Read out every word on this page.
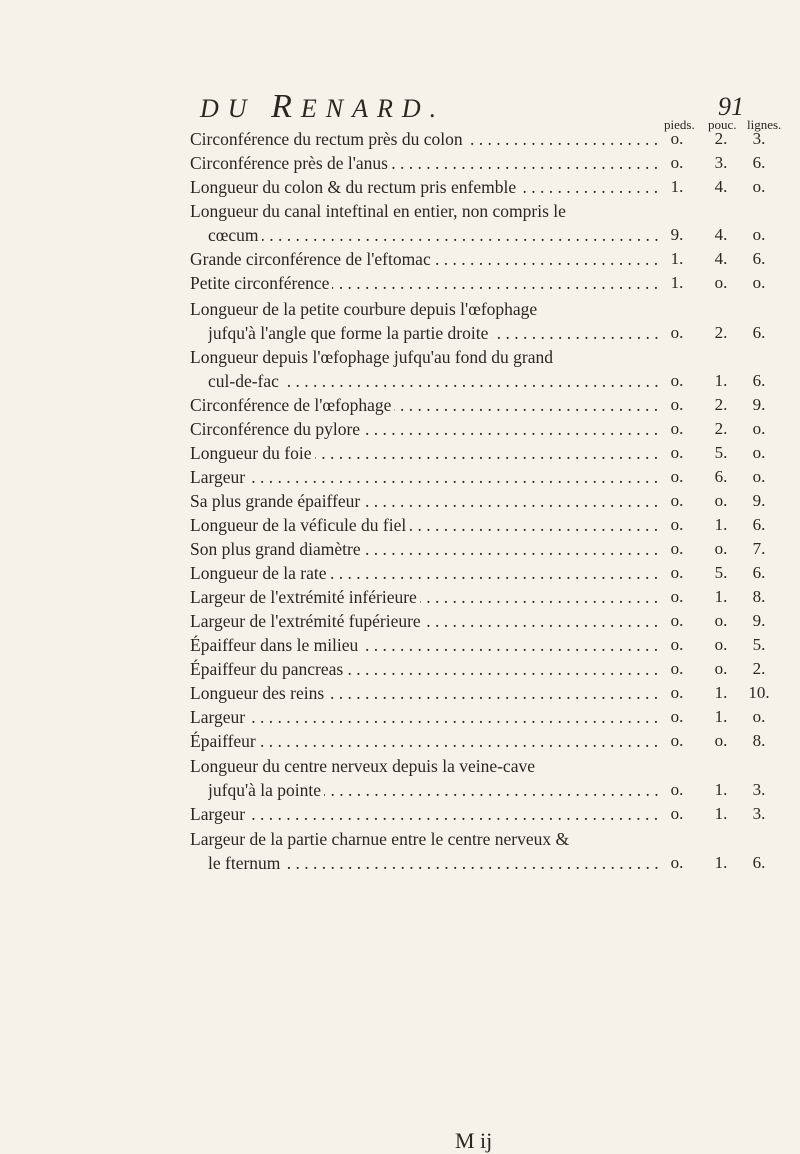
DU RENARD.	91
pieds. pouc. lignes.
Circonférence du rectum près du colon . . .	o.	2.	3.
Circonférence près de l'anus . . .	o.	3.	6.
Longueur du colon & du rectum pris enfemble . . .	1.	4.	o.
Longueur du canal inteftinal en entier, non compris le
cœcum . . .	9.	4.	o.
Grande circonférence de l'eftomac . . .	1.	4.	6.
Petite circonférence . . .	1.	o.	o.
Longueur de la petite courbure depuis l'œfophage
jufqu'à l'angle que forme la partie droite . . .	o.	2.	6.
Longueur depuis l'œfophage jufqu'au fond du grand
cul-de-fac . . .	o.	1.	6.
Circonférence de l'œfophage . . .	o.	2.	9.
Circonférence du pylore . . .	o.	2.	o.
Longueur du foie . . .	o.	5.	o.
Largeur . . .	o.	6.	o.
Sa plus grande épaiffeur . . .	o.	o.	9.
Longueur de la véficule du fiel . . .	o.	1.	6.
Son plus grand diamètre . . .	o.	o.	7.
Longueur de la rate . . .	o.	5.	6.
Largeur de l'extrémité inférieure . . .	o.	1.	8.
Largeur de l'extrémité fupérieure . . .	o.	o.	9.
Épaiffeur dans le milieu . . .	o.	o.	5.
Épaiffeur du pancreas . . .	o.	o.	2.
Longueur des reins . . .	o.	1.	10.
Largeur . . .	o.	1.	o.
Épaiffeur . . .	o.	o.	8.
Longueur du centre nerveux depuis la veine-cave
jufqu'à la pointe . . .	o.	1.	3.
Largeur . . .	o.	1.	3.
Largeur de la partie charnue entre le centre nerveux &
le fternum . . .	o.	1.	6.
M ij
